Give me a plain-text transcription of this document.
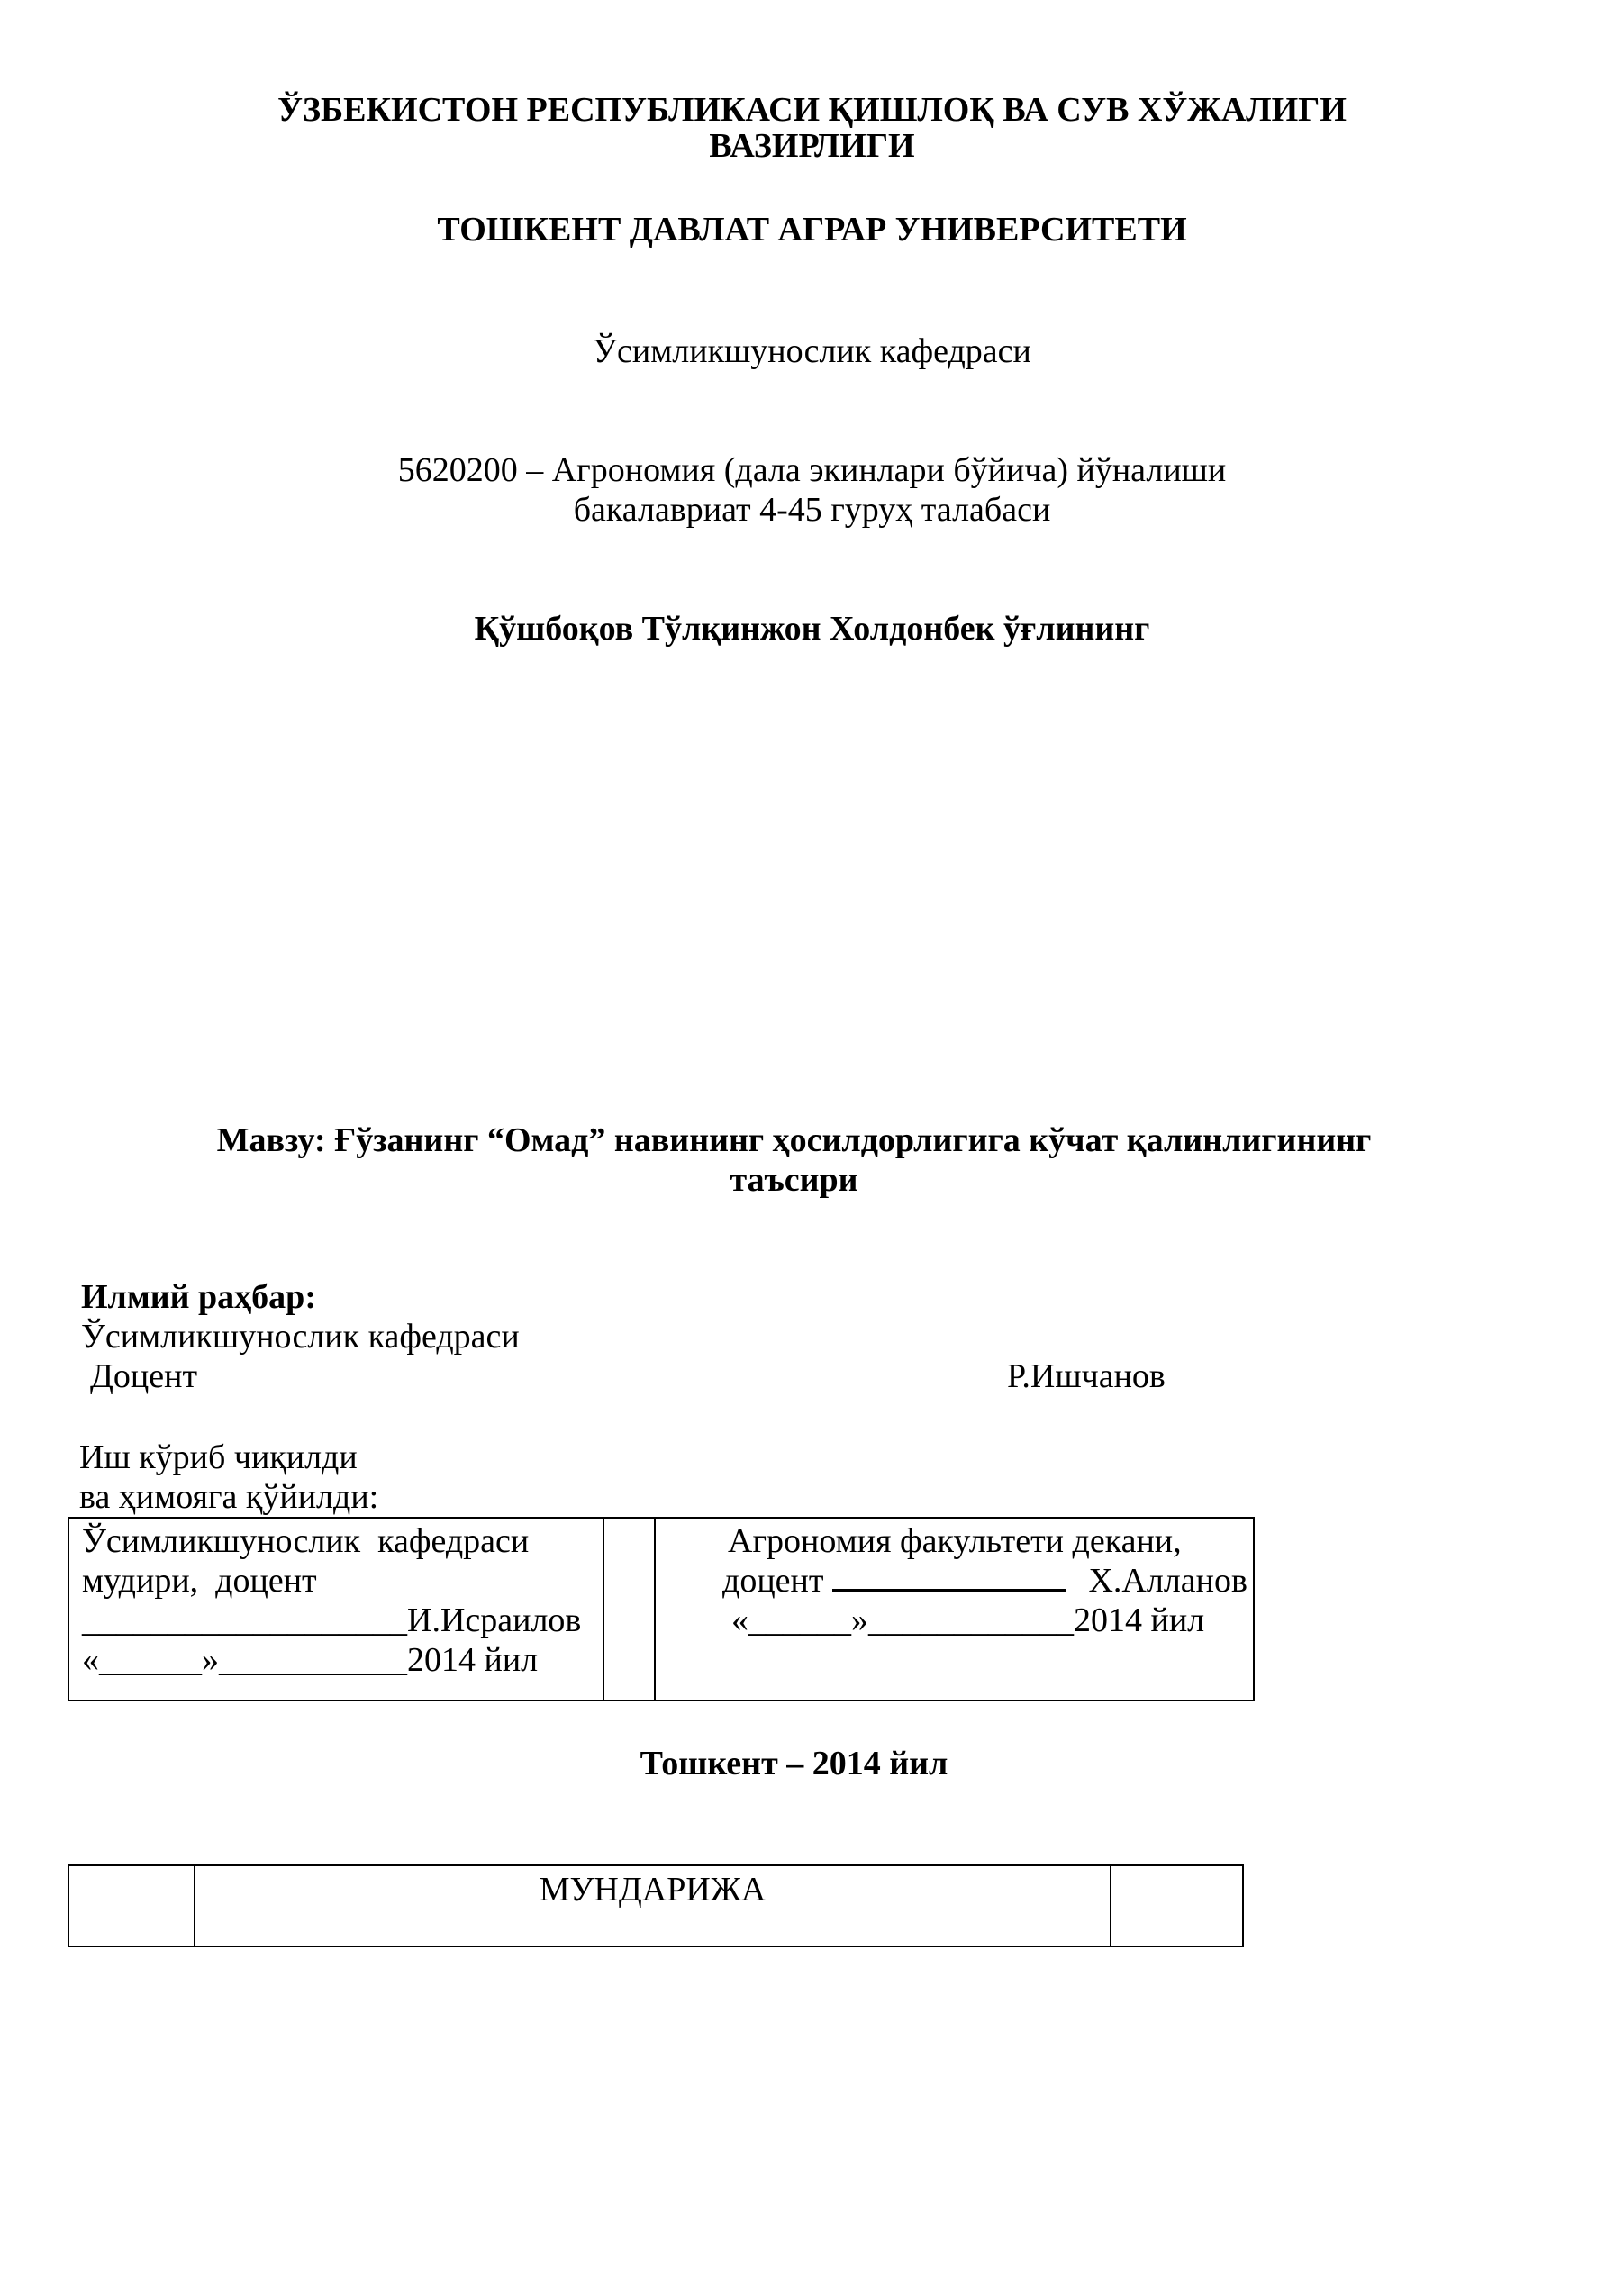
ЎЗБЕКИСТОН РЕСПУБЛИКАСИ ҚИШЛОҚ ВА СУВ ХЎЖАЛИГИ
ВАЗИРЛИГИ
ТОШКЕНТ ДАВЛАТ АГРАР УНИВЕРСИТЕТИ
Ўсимликшунослик кафедраси
5620200 – Агрономия (дала экинлари бўйича) йўналиши
бакалавриат 4-45 гуруҳ талабаси
Қўшбоқов Тўлқинжон Холдонбек ўғлининг
Мавзу: Ғўзанинг “Омад” навининг ҳосилдорлигига кўчат қалинлигининг
таъсири
Илмий раҳбар:
Ўсимликшунослик кафедраси
Доцент	Р.Ишчанов
Иш кўриб чиқилди
ва ҳимояга қўйилди:
Ўсимликшунослик  кафедраси
мудири,  доцент
___________________И.Исраилов
«______»___________2014 йил
Агрономия факультети декани,
доцент	Х.Алланов
«______»____________2014 йил
Тошкент – 2014 йил
МУНДАРИЖА
